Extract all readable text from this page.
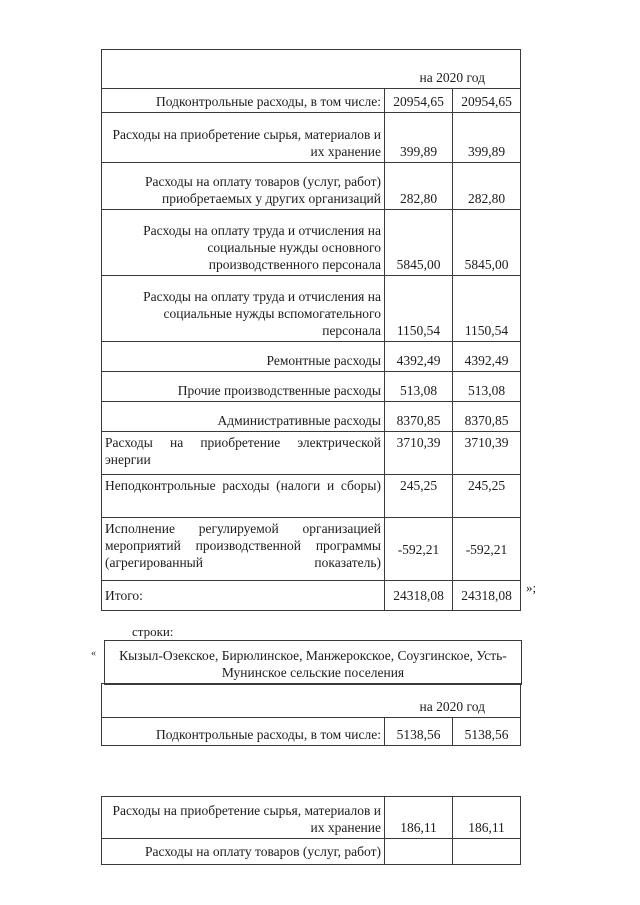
	на 2020 год	
Подконтрольные расходы, в том числе:	20954,65	20954,65
Расходы на приобретение сырья, материалов и их хранение	399,89	399,89
Расходы на оплату товаров (услуг, работ) приобретаемых у других организаций	282,80	282,80
Расходы на оплату труда и отчисления на социальные нужды основного производственного персонала	5845,00	5845,00
Расходы на оплату труда и отчисления на социальные нужды вспомогательного персонала	1150,54	1150,54
Ремонтные расходы	4392,49	4392,49
Прочие производственные расходы	513,08	513,08
Административные расходы	8370,85	8370,85
Расходы на приобретение электрической энергии	3710,39	3710,39
Неподконтрольные расходы (налоги и сборы)	245,25	245,25
Исполнение регулируемой организацией мероприятий производственной программы (агрегированный показатель)	-592,21	-592,21
Итого:	24318,08	24318,08
»;
строки:
«	Кызыл-Озекское, Бирюлинское, Манжерокское, Соузгинское, Усть-Мунинское сельские поселения
	на 2020 год	
Подконтрольные расходы, в том числе:	5138,56	5138,56
Расходы на приобретение сырья, материалов и их хранение	186,11	186,11
Расходы на оплату товаров (услуг, работ)		
